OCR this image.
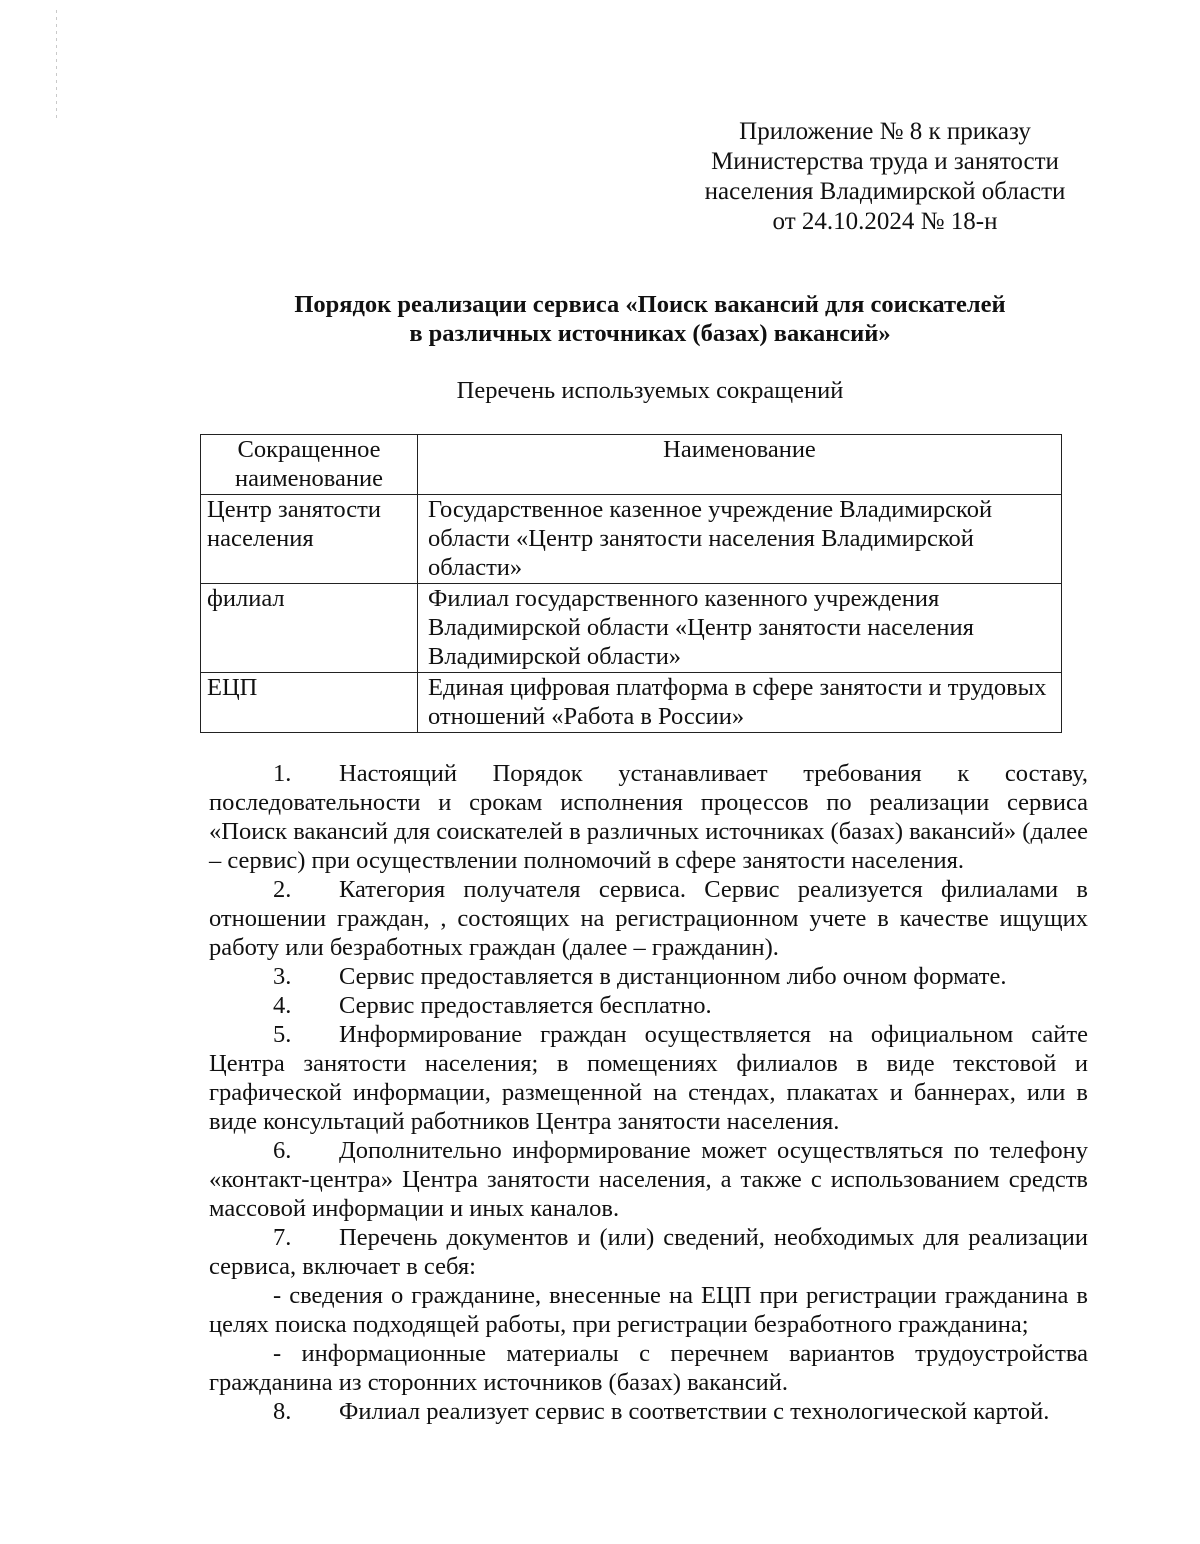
Приложение № 8 к приказу
Министерства труда и занятости
населения Владимирской области
от 24.10.2024 № 18-н
Порядок реализации сервиса «Поиск вакансий для соискателей
в различных источниках (базах) вакансий»
Перечень используемых сокращений
Сокращенное наименование	Наименование
Центр занятости населения	Государственное казенное учреждение Владимирской области «Центр занятости населения Владимирской области»
филиал	Филиал государственного казенного учреждения Владимирской области «Центр занятости населения Владимирской области»
ЕЦП	Единая цифровая платформа в сфере занятости и трудовых отношений «Работа в России»
1. Настоящий Порядок устанавливает требования к составу, последовательности и срокам исполнения процессов по реализации сервиса «Поиск вакансий для соискателей в различных источниках (базах) вакансий» (далее – сервис) при осуществлении полномочий в сфере занятости населения.
2. Категория получателя сервиса. Сервис реализуется филиалами в отношении граждан, , состоящих на регистрационном учете в качестве ищущих работу или безработных граждан (далее – гражданин).
3. Сервис предоставляется в дистанционном либо очном формате.
4. Сервис предоставляется бесплатно.
5. Информирование граждан осуществляется на официальном сайте Центра занятости населения; в помещениях филиалов в виде текстовой и графической информации, размещенной на стендах, плакатах и баннерах, или в виде консультаций работников Центра занятости населения.
6. Дополнительно информирование может осуществляться по телефону «контакт-центра» Центра занятости населения, а также с использованием средств массовой информации и иных каналов.
7. Перечень документов и (или) сведений, необходимых для реализации сервиса, включает в себя:
- сведения о гражданине, внесенные на ЕЦП при регистрации гражданина в целях поиска подходящей работы, при регистрации безработного гражданина;
- информационные материалы с перечнем вариантов трудоустройства гражданина из сторонних источников (базах) вакансий.
8. Филиал реализует сервис в соответствии с технологической картой.
